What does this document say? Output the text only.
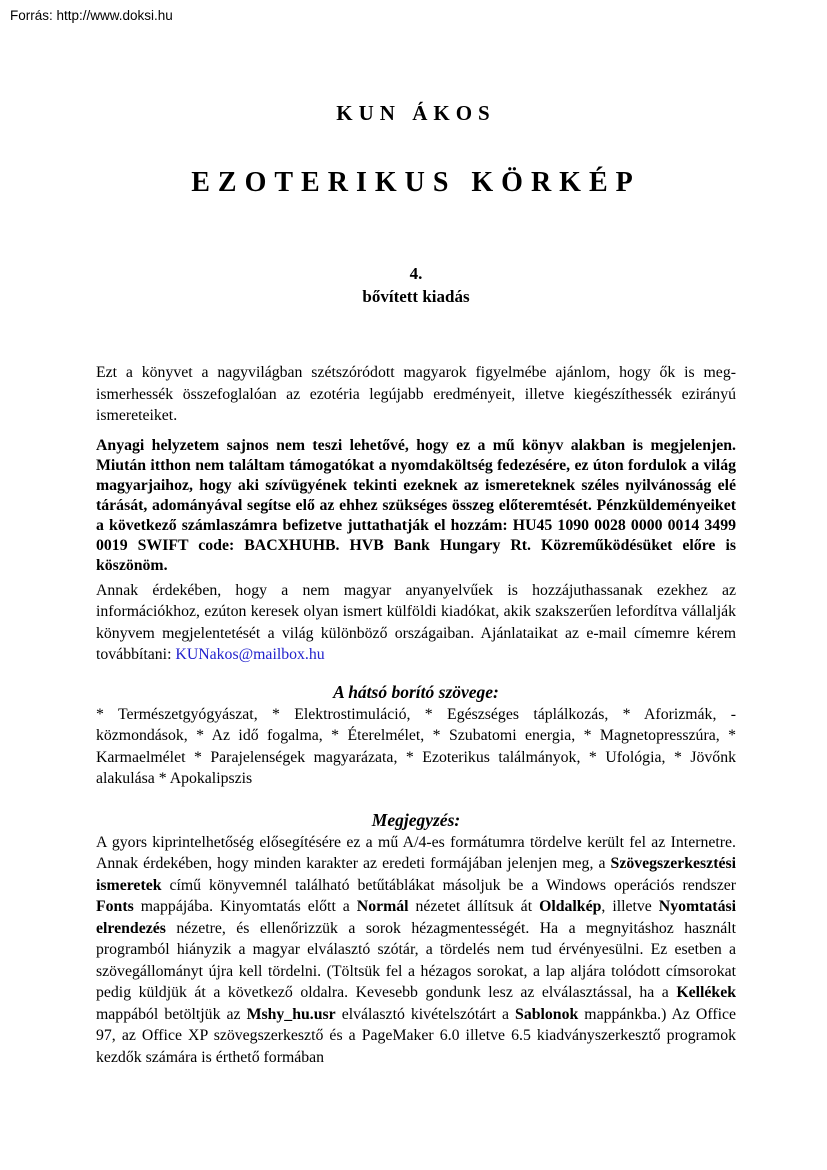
Forrás: http://www.doksi.hu
KUN ÁKOS
EZOTERIKUS KÖRKÉP
4.
bővített kiadás

Ezt a könyvet a nagyvilágban szétszóródott magyarok figyelmébe ajánlom, hogy ők is megismerhessék összefoglalóan az ezotéria legújabb eredményeit, illetve kiegészíthessék ezirányú ismereteiket.

Anyagi helyzetem sajnos nem teszi lehetővé, hogy ez a mű könyv alakban is megjelenjen. Miután itthon nem találtam támogatókat a nyomdaköltség fedezésére, ez úton fordulok a világ magyarjaihoz, hogy aki szívügyének tekinti ezeknek az ismereteknek széles nyilvánosság elé tárását, adományával segítse elő az ehhez szükséges összeg előteremtését. Pénzküldeményeiket a következő számlaszámra befizetve juttathatják el hozzám: HU45 1090 0028 0000 0014 3499 0019 SWIFT code: BACXHUHB. HVB Bank Hungary Rt. Közreműködésüket előre is köszönöm.

Annak érdekében, hogy a nem magyar anyanyelvűek is hozzájuthassanak ezekhez az információkhoz, ezúton keresek olyan ismert külföldi kiadókat, akik szakszerűen lefordítva vállalják könyvem megjelentetését a világ különböző országaiban. Ajánlataikat az e-mail címemre kérem továbbítani: KUNakos@mailbox.hu

A hátsó borító szövege:

* Természetgyógyászat, * Elektrostimuláció, * Egészséges táplálkozás, * Aforizmák, - közmondások, * Az idő fogalma, * Éterelmélet, * Szubatomi energia, * Magnetopresszúra, * Karmaelmélet * Parajelenségek magyarázata, * Ezoterikus találmányok, * Ufológia, * Jövőnk alakulása * Apokalipszis

Megjegyzés:

A gyors kiprintelhetőség elősegítésére ez a mű A/4-es formátumra tördelve került fel az Internetre. Annak érdekében, hogy minden karakter az eredeti formájában jelenjen meg, a Szövegszerkesztési ismeretek című könyvemnél található betűtáblákat másoljuk be a Windows operációs rendszer Fonts mappájába. Kinyomtatás előtt a Normál nézetet állítsuk át Oldalkép, illetve Nyomtatási elrendezés nézetre, és ellenőrizzük a sorok hézagmentességét. Ha a megnyitáshoz használt programból hiányzik a magyar elválasztó szótár, a tördelés nem tud érvényesülni. Ez esetben a szövegállományt újra kell tördelni. (Töltsük fel a hézagos sorokat, a lap aljára tolódott címsorokat pedig küldjük át a következő oldalra. Kevesebb gondunk lesz az elválasztással, ha a Kellékek mappából betöltjük az Mshy_hu.usr elválasztó kivételszótárt a Sablonok mappánkba.) Az Office 97, az Office XP szövegszerkesztő és a PageMaker 6.0 illetve 6.5 kiadványszerkesztő programok kezdők számára is érthető formában
